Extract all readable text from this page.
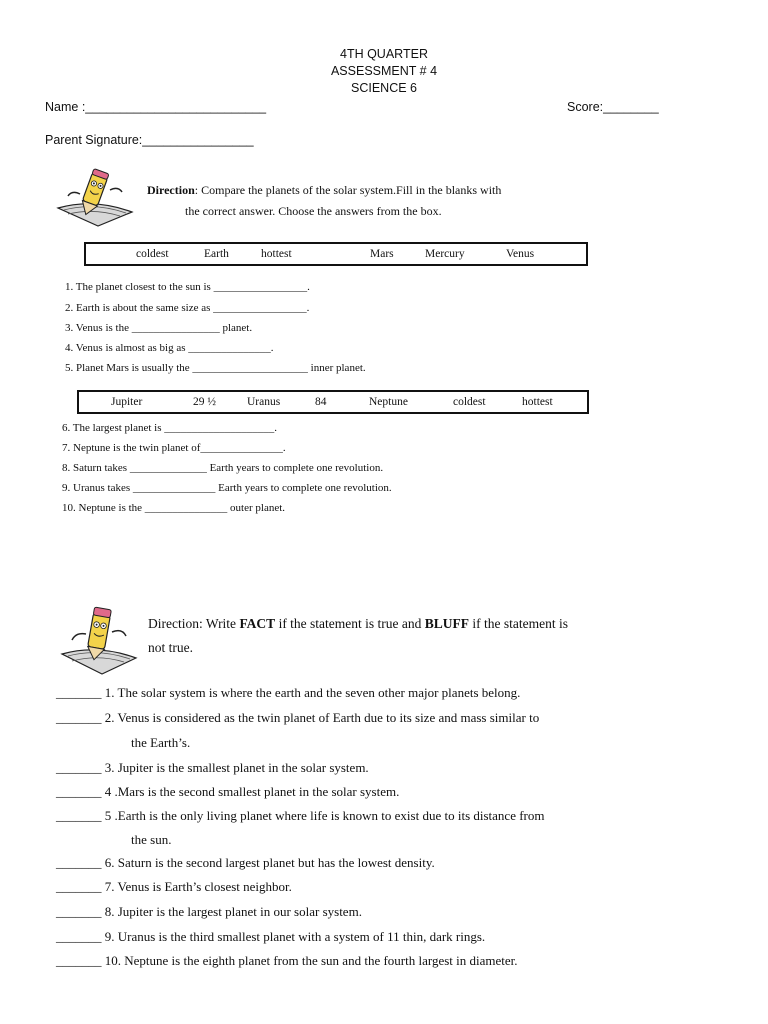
4TH QUARTER
ASSESSMENT # 4
SCIENCE 6
Name :__________________________	Score:________
Parent Signature:________________
Direction: Compare the planets of the solar system.Fill in the blanks with
the correct answer. Choose the answers from the box.
coldest	Earth	hottest	Mars	Mercury	Venus
1. The planet closest to the sun is _________________.
2. Earth is about the same size as _________________.
3. Venus is the ________________ planet.
4. Venus is almost as big as _______________.
5. Planet Mars is usually the _____________________ inner planet.
Jupiter	29 ½	Uranus	84	Neptune	coldest	hottest
6. The largest planet is ____________________.
7. Neptune is the twin planet of_______________.
8. Saturn takes ______________ Earth years to complete one revolution.
9. Uranus takes _______________ Earth years to complete one revolution.
10. Neptune is the _______________ outer planet.
Direction: Write FACT if the statement is true and BLUFF if the statement is
not true.
_______ 1. The solar system is where the earth and the seven other major planets belong.
_______ 2. Venus is considered as the twin planet of Earth due to its size and mass similar to
the Earth’s.
_______ 3. Jupiter is the smallest planet in the solar system.
_______ 4 .Mars is the second smallest planet in the solar system.
_______ 5 .Earth is the only living planet where life is known to exist due to its distance from
the sun.
_______ 6. Saturn is the second largest planet but has the lowest density.
_______ 7. Venus is Earth’s closest neighbor.
_______ 8. Jupiter is the largest planet in our solar system.
_______ 9. Uranus is the third smallest planet with a system of 11 thin, dark rings.
_______ 10. Neptune is the eighth planet from the sun and the fourth largest in diameter.
